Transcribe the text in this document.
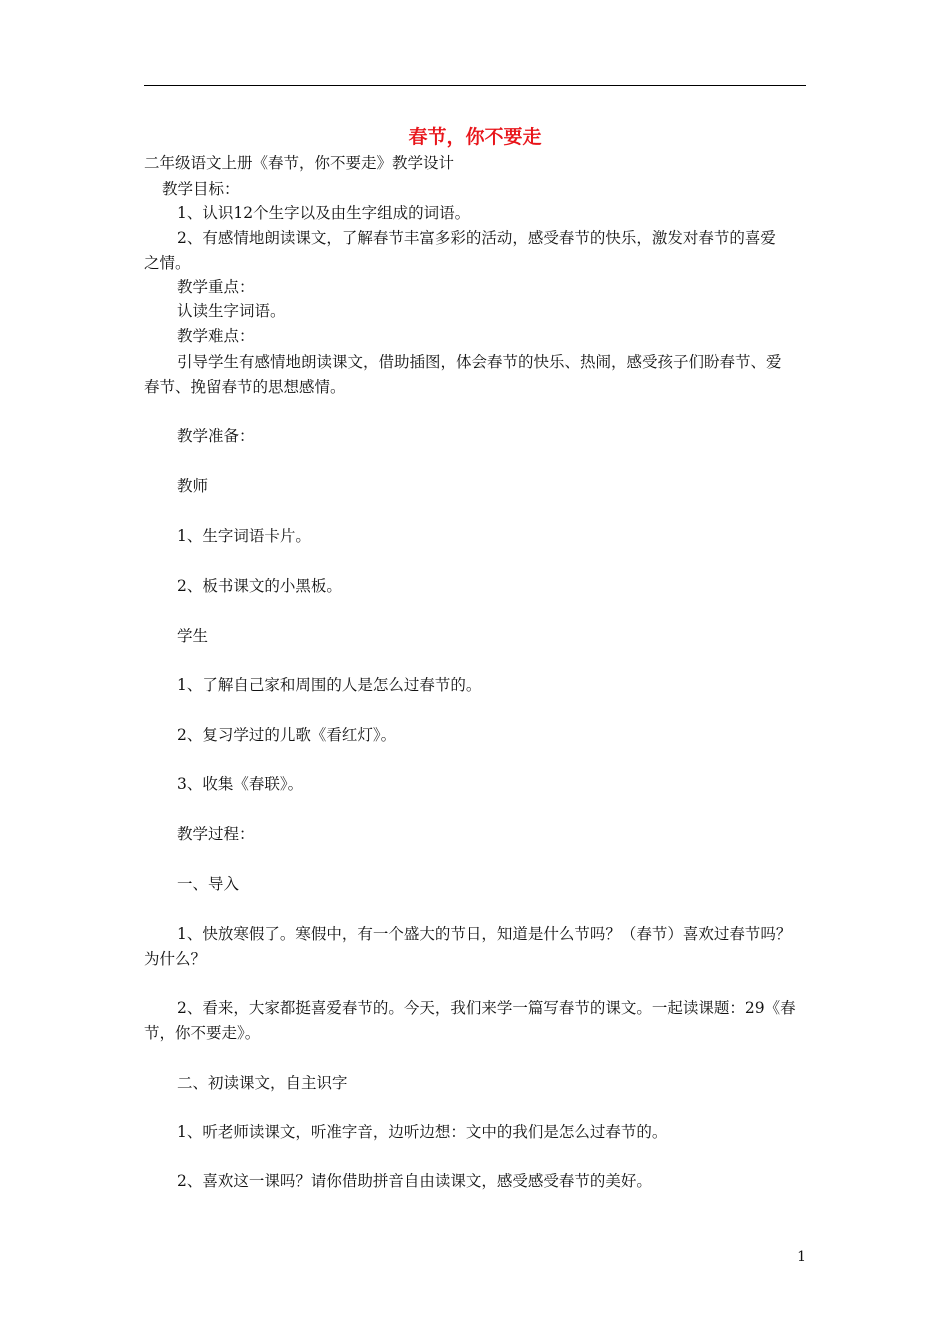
春节，你不要走
二年级语文上册《春节，你不要走》教学设计
教学目标：
1、认识12个生字以及由生字组成的词语。
2、有感情地朗读课文，了解春节丰富多彩的活动，感受春节的快乐，激发对春节的喜爱
之情。
教学重点：
认读生字词语。
教学难点：
引导学生有感情地朗读课文，借助插图，体会春节的快乐、热闹，感受孩子们盼春节、爱
春节、挽留春节的思想感情。
教学准备：
教师
1、生字词语卡片。
2、板书课文的小黑板。
学生
1、了解自己家和周围的人是怎么过春节的。
2、复习学过的儿歌《看红灯》。
3、收集《春联》。
教学过程：
一、导入
1、快放寒假了。寒假中，有一个盛大的节日，知道是什么节吗？（春节）喜欢过春节吗？
为什么？
2、看来，大家都挺喜爱春节的。今天，我们来学一篇写春节的课文。一起读课题：29《春
节，你不要走》。
二、初读课文，自主识字
1、听老师读课文，听准字音，边听边想：文中的我们是怎么过春节的。
2、喜欢这一课吗？请你借助拼音自由读课文，感受感受春节的美好。
1
